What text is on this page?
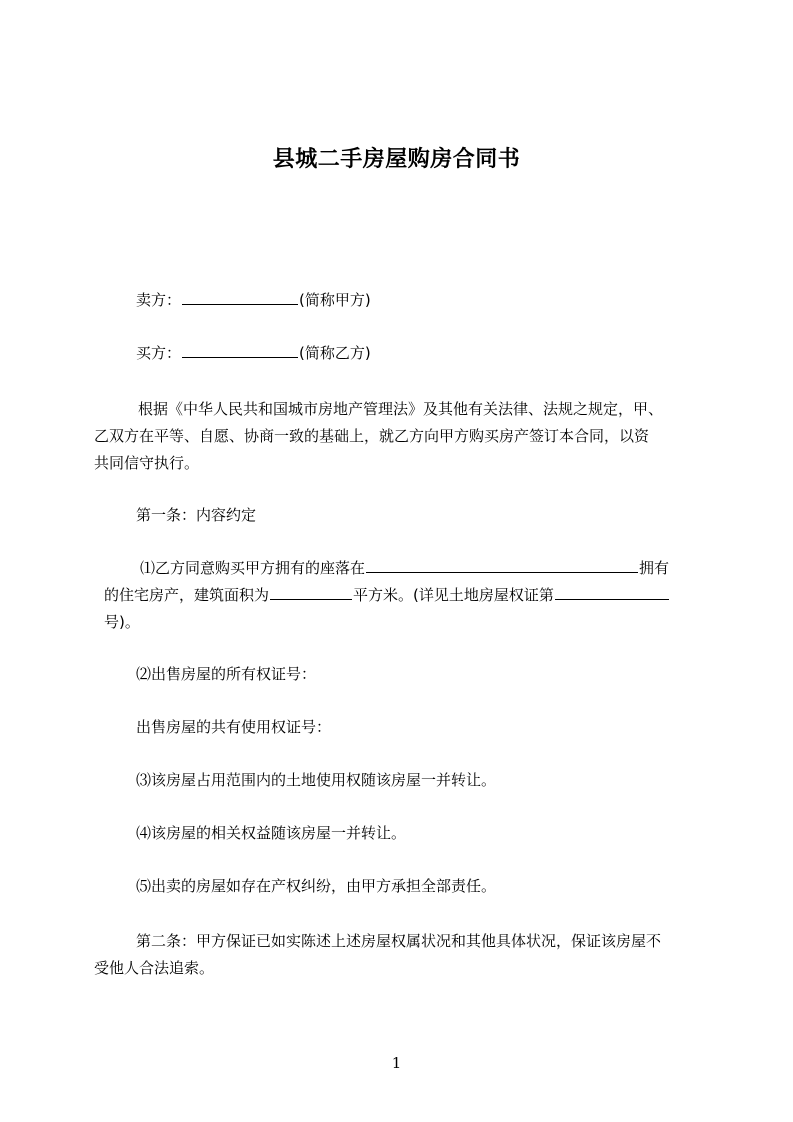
县城二手房屋购房合同书
卖方：	(简称甲方)
买方：	(简称乙方)
根据《中华人民共和国城市房地产管理法》及其他有关法律、法规之规定，甲、
乙双方在平等、自愿、协商一致的基础上，就乙方向甲方购买房产签订本合同，以资
共同信守执行。
第一条：内容约定
⑴乙方同意购买甲方拥有的座落在	拥有
的住宅房产，建筑面积为	平方米。(详见土地房屋权证第
号)。
⑵出售房屋的所有权证号：
出售房屋的共有使用权证号：
⑶该房屋占用范围内的土地使用权随该房屋一并转让。
⑷该房屋的相关权益随该房屋一并转让。
⑸出卖的房屋如存在产权纠纷，由甲方承担全部责任。
第二条：甲方保证已如实陈述上述房屋权属状况和其他具体状况，保证该房屋不
受他人合法追索。
1
